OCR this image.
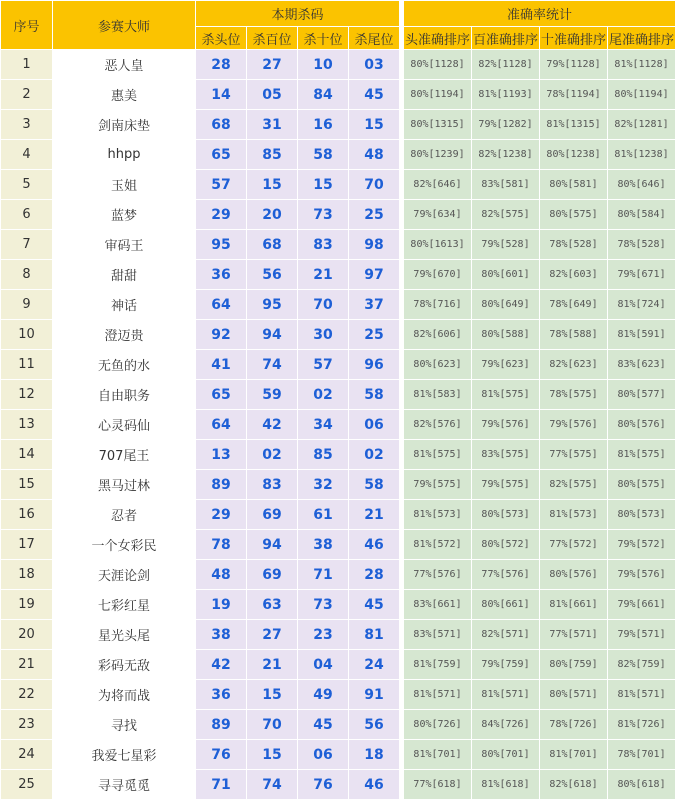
序号	参赛大师	本期杀码					准确率统计			
		杀头位	杀百位	杀十位	杀尾位		头准确排序	百准确排序	十准确排序	尾准确排序
1	恶人皇	28	27	10	03		80%[1128]	82%[1128]	79%[1128]	81%[1128]
2	惠美	14	05	84	45		80%[1194]	81%[1193]	78%[1194]	80%[1194]
3	剑南床垫	68	31	16	15		80%[1315]	79%[1282]	81%[1315]	82%[1281]
4	hhpp	65	85	58	48		80%[1239]	82%[1238]	80%[1238]	81%[1238]
5	玉姐	57	15	15	70		82%[646]	83%[581]	80%[581]	80%[646]
6	蓝梦	29	20	73	25		79%[634]	82%[575]	80%[575]	80%[584]
7	审码王	95	68	83	98		80%[1613]	79%[528]	78%[528]	78%[528]
8	甜甜	36	56	21	97		79%[670]	80%[601]	82%[603]	79%[671]
9	神话	64	95	70	37		78%[716]	80%[649]	78%[649]	81%[724]
10	澄迈贵	92	94	30	25		82%[606]	80%[588]	78%[588]	81%[591]
11	无鱼的水	41	74	57	96		80%[623]	79%[623]	82%[623]	83%[623]
12	自由职务	65	59	02	58		81%[583]	81%[575]	78%[575]	80%[577]
13	心灵码仙	64	42	34	06		82%[576]	79%[576]	79%[576]	80%[576]
14	707尾王	13	02	85	02		81%[575]	83%[575]	77%[575]	81%[575]
15	黑马过林	89	83	32	58		79%[575]	79%[575]	82%[575]	80%[575]
16	忍者	29	69	61	21		81%[573]	80%[573]	81%[573]	80%[573]
17	一个女彩民	78	94	38	46		81%[572]	80%[572]	77%[572]	79%[572]
18	天涯论剑	48	69	71	28		77%[576]	77%[576]	80%[576]	79%[576]
19	七彩红星	19	63	73	45		83%[661]	80%[661]	81%[661]	79%[661]
20	星光头尾	38	27	23	81		83%[571]	82%[571]	77%[571]	79%[571]
21	彩码无敌	42	21	04	24		81%[759]	79%[759]	80%[759]	82%[759]
22	为将而战	36	15	49	91		81%[571]	81%[571]	80%[571]	81%[571]
23	寻找	89	70	45	56		80%[726]	84%[726]	78%[726]	81%[726]
24	我爱七星彩	76	15	06	18		81%[701]	80%[701]	81%[701]	78%[701]
25	寻寻觅觅	71	74	76	46		77%[618]	81%[618]	82%[618]	80%[618]
